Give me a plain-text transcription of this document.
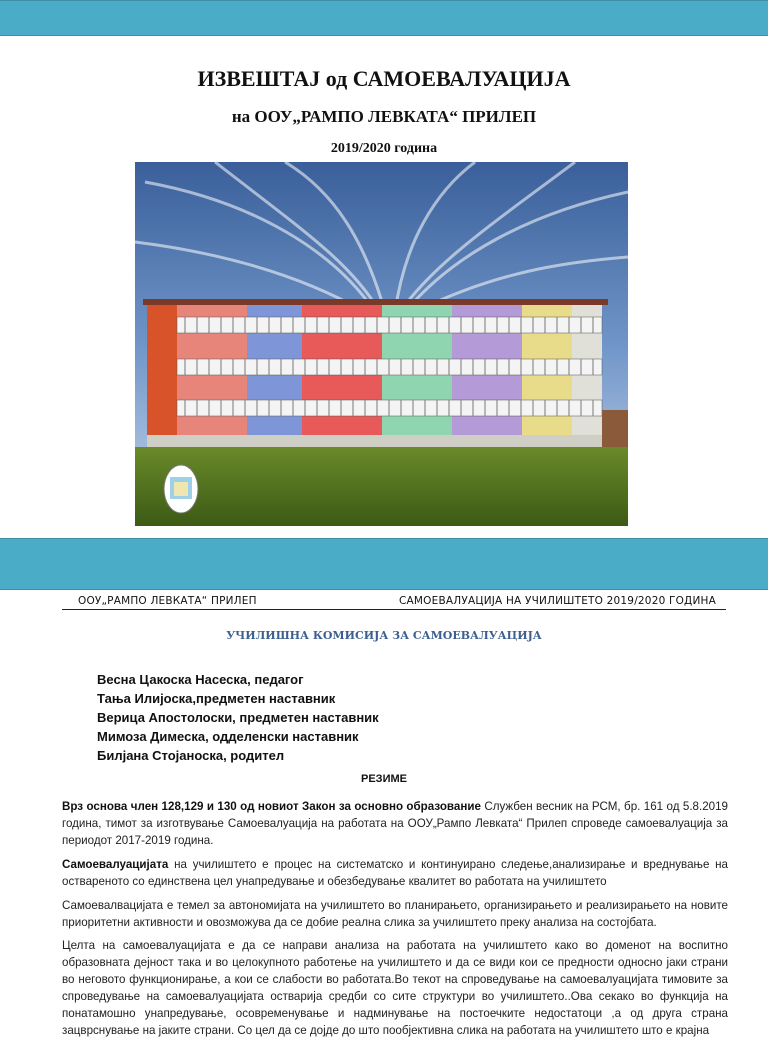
ИЗВЕШТАЈ од САМОЕВАЛУАЦИЈА
на ООУ„РАМПО ЛЕВКАТА“ ПРИЛЕП
2019/2020 година
ООУ„РАМПО ЛЕВКАТА“ ПРИЛЕП	САМОЕВАЛУАЦИЈА НА УЧИЛИШТЕТО 2019/2020 ГОДИНА
УЧИЛИШНА КОМИСИЈА ЗА САМОЕВАЛУАЦИЈА
Весна Цакоска Насеска, педагог
Тања Илијоска,предметен наставник
Верица Апостолоски, предметен наставник
Мимоза Димеска, одделенски наставник
Билјана Стојаноска, родител
РЕЗИМЕ

Врз основа член 128,129 и 130 од новиот Закон за основно образование Службен весник на РСМ, бр. 161 од 5.8.2019 година, тимот за изготвување Самоевалуација на работата на ООУ„Рампо Левката“ Прилеп спроведе самоевалуација за периодот 2017-2019 година.

Самоевалуацијата на училиштето е процес на систематско и континуирано следење,анализирање и вреднување на оствареното со единствена цел унапредување и обезбедување квалитет во работата на училиштето

Самоевалвацијата е темел за автономијата на училиштето во планирањето, организирањето и реализирањето на новите приоритетни активности и овозможува да се добие реална слика за училиштето преку анализа на состојбата.

Целта на самоевалуацијата е да се направи анализа на работата на училиштето како во доменот на воспитно образовната дејност така и во целокупното работење на училиштето и да се види кои се предности односно јаки страни во неговото функционирање, а кои се слабости во работата.Во текот на спроведување на самоевалуацијата тимовите за спроведување на самоевалуацијата остварија средби со сите структури во училиштето..Ова секако во функција на понатамошно унапредување, осовременување и надминување на постоечките недостатоци ,а од друга страна зацврснување на јаките страни. Со цел да се дојде до што пообјективна слика на работата на училиштето што е крајна
